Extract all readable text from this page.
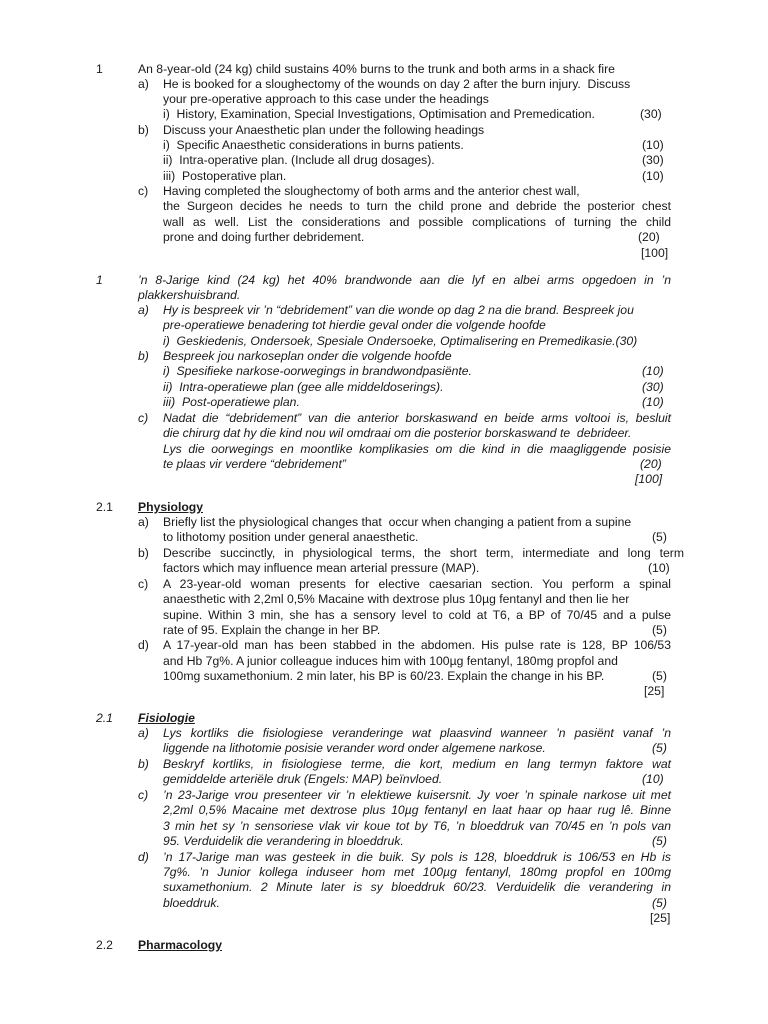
1	An 8-year-old (24 kg) child sustains 40% burns to the trunk and both arms in a shack fire
a) He is booked for a sloughectomy of the wounds on day 2 after the burn injury.  Discuss
your pre-operative approach to this case under the headings
i)  History, Examination, Special Investigations, Optimisation and Premedication.	(30)
b) Discuss your Anaesthetic plan under the following headings
i)  Specific Anaesthetic considerations in burns patients.	(10)
ii)  Intra-operative plan. (Include all drug dosages).	(30)
iii)  Postoperative plan.	(10)
c) Having completed the sloughectomy of both arms and the anterior chest wall,
the Surgeon decides he needs to turn the child prone and debride the posterior chest
wall as well. List the considerations and possible complications of turning the child
prone and doing further debridement.	(20)
[100]
1	’n 8-Jarige kind (24 kg) het 40% brandwonde aan die lyf en albei arms opgedoen in ’n
plakkershuisbrand.
a) Hy is bespreek vir ’n “debridement” van die wonde op dag 2 na die brand. Bespreek jou
pre-operatiewe benadering tot hierdie geval onder die volgende hoofde
i)  Geskiedenis, Ondersoek, Spesiale Ondersoeke, Optimalisering en Premedikasie.(30)
b) Bespreek jou narkoseplan onder die volgende hoofde
i)  Spesifieke narkose-oorwegings in brandwondpasiënte.	(10)
ii)  Intra-operatiewe plan (gee alle middeldoserings).	(30)
iii)  Post-operatiewe plan.	(10)
c) Nadat die “debridement” van die anterior borskaswand en beide arms voltooi is, besluit
die chirurg dat hy die kind nou wil omdraai om die posterior borskaswand te  debrideer.
Lys die oorwegings en moontlike komplikasies om die kind in die maagliggende posisie
te plaas vir verdere “debridement”	(20)
[100]
2.1 Physiology
a) Briefly list the physiological changes that  occur when changing a patient from a supine
to lithotomy position under general anaesthetic.	(5)
b) Describe succinctly, in physiological terms, the short term, intermediate and long term
factors which may influence mean arterial pressure (MAP).	(10)
c) A 23-year-old woman presents for elective caesarian section. You perform a spinal
anaesthetic with 2,2ml 0,5% Macaine with dextrose plus 10µg fentanyl and then lie her
supine. Within 3 min, she has a sensory level to cold at T6, a BP of 70/45 and a pulse
rate of 95. Explain the change in her BP.	(5)
d) A 17-year-old man has been stabbed in the abdomen. His pulse rate is 128, BP 106/53
and Hb 7g%. A junior colleague induces him with 100µg fentanyl, 180mg propfol and
100mg suxamethonium. 2 min later, his BP is 60/23. Explain the change in his BP.	(5)
[25]
2.1 Fisiologie
a) Lys kortliks die fisiologiese veranderinge wat plaasvind wanneer ’n pasiënt vanaf ’n
liggende na lithotomie posisie verander word onder algemene narkose.	(5)
b) Beskryf kortliks, in fisiologiese terme, die kort, medium en lang termyn faktore wat
gemiddelde arteriële druk (Engels: MAP) beïnvloed.	(10)
c) ’n 23-Jarige vrou presenteer vir ’n elektiewe kuisersnit. Jy voer ’n spinale narkose uit met
2,2ml 0,5% Macaine met dextrose plus 10µg fentanyl en laat haar op haar rug lê. Binne
3 min het sy ’n sensoriese vlak vir koue tot by T6, ’n bloeddruk van 70/45 en ’n pols van
95. Verduidelik die verandering in bloeddruk.	(5)
d) ’n 17-Jarige man was gesteek in die buik. Sy pols is 128, bloeddruk is 106/53 en Hb is
7g%. ’n Junior kollega induseer hom met 100µg fentanyl, 180mg propfol en 100mg
suxamethonium. 2 Minute later is sy bloeddruk 60/23. Verduidelik die verandering in
bloeddruk.	(5)
[25]
2.2 Pharmacology
